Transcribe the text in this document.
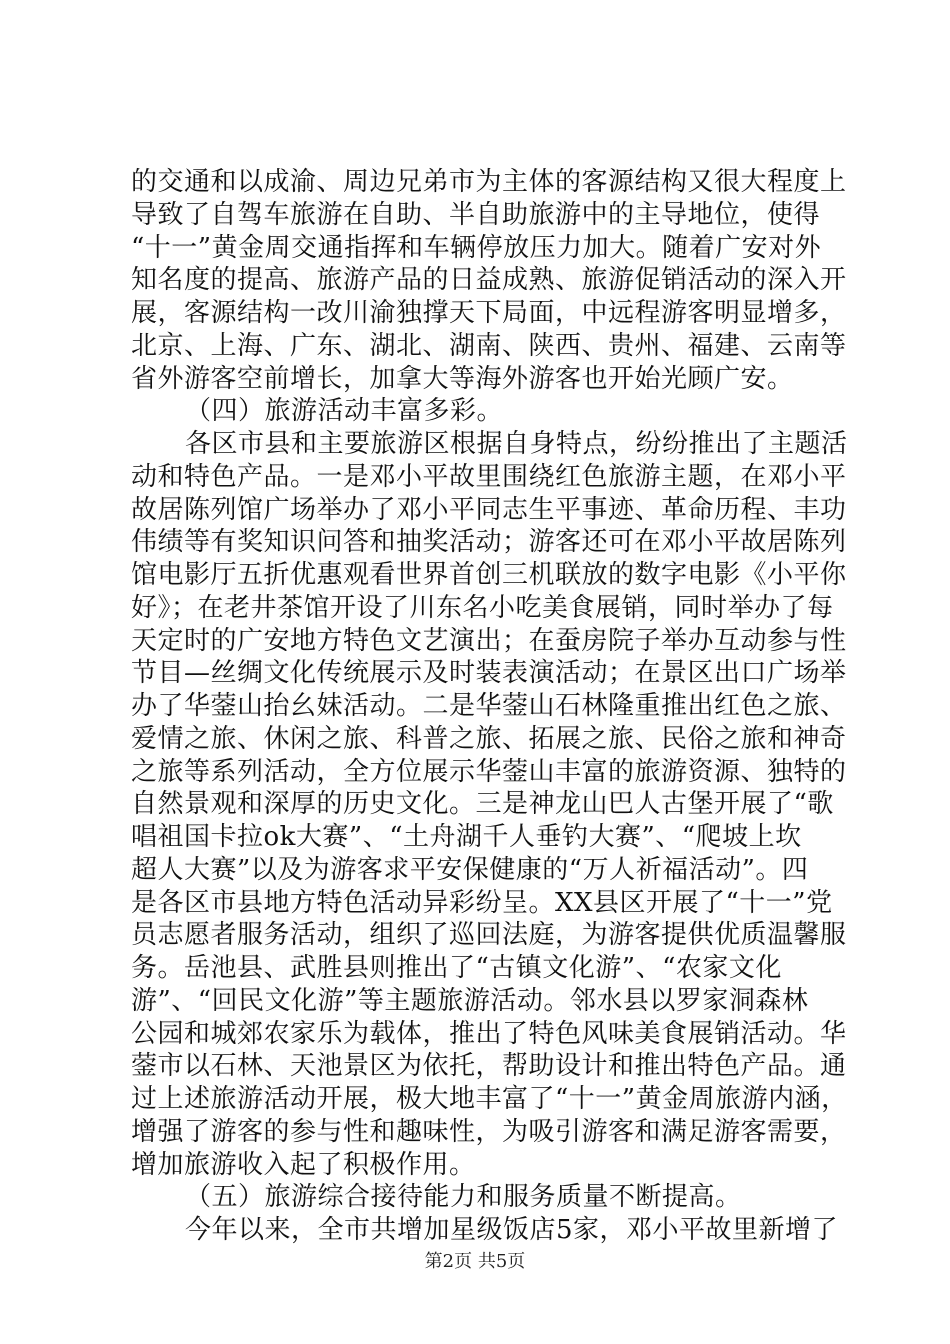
的交通和以成渝、周边兄弟市为主体的客源结构又很大程度上
导致了自驾车旅游在自助、半自助旅游中的主导地位，使得
“十一”黄金周交通指挥和车辆停放压力加大。随着广安对外
知名度的提高、旅游产品的日益成熟、旅游促销活动的深入开
展，客源结构一改川渝独撑天下局面，中远程游客明显增多，
北京、上海、广东、湖北、湖南、陕西、贵州、福建、云南等
省外游客空前增长，加拿大等海外游客也开始光顾广安。
（四）旅游活动丰富多彩。
各区市县和主要旅游区根据自身特点，纷纷推出了主题活
动和特色产品。一是邓小平故里围绕红色旅游主题，在邓小平
故居陈列馆广场举办了邓小平同志生平事迹、革命历程、丰功
伟绩等有奖知识问答和抽奖活动；游客还可在邓小平故居陈列
馆电影厅五折优惠观看世界首创三机联放的数字电影《小平你
好》；在老井茶馆开设了川东名小吃美食展销，同时举办了每
天定时的广安地方特色文艺演出；在蚕房院子举办互动参与性
节目—丝绸文化传统展示及时装表演活动；在景区出口广场举
办了华蓥山抬幺妹活动。二是华蓥山石林隆重推出红色之旅、
爱情之旅、休闲之旅、科普之旅、拓展之旅、民俗之旅和神奇
之旅等系列活动，全方位展示华蓥山丰富的旅游资源、独特的
自然景观和深厚的历史文化。三是神龙山巴人古堡开展了“歌
唱祖国卡拉ok大赛”、“土舟湖千人垂钓大赛”、“爬坡上坎
超人大赛”以及为游客求平安保健康的“万人祈福活动”。四
是各区市县地方特色活动异彩纷呈。XX县区开展了“十一”党
员志愿者服务活动，组织了巡回法庭，为游客提供优质温馨服
务。岳池县、武胜县则推出了“古镇文化游”、“农家文化
游”、“回民文化游”等主题旅游活动。邻水县以罗家洞森林
公园和城郊农家乐为载体，推出了特色风味美食展销活动。华
蓥市以石林、天池景区为依托，帮助设计和推出特色产品。通
过上述旅游活动开展，极大地丰富了“十一”黄金周旅游内涵，
增强了游客的参与性和趣味性，为吸引游客和满足游客需要，
增加旅游收入起了积极作用。
（五）旅游综合接待能力和服务质量不断提高。
今年以来，全市共增加星级饭店5家，邓小平故里新增了
第2页 共5页
